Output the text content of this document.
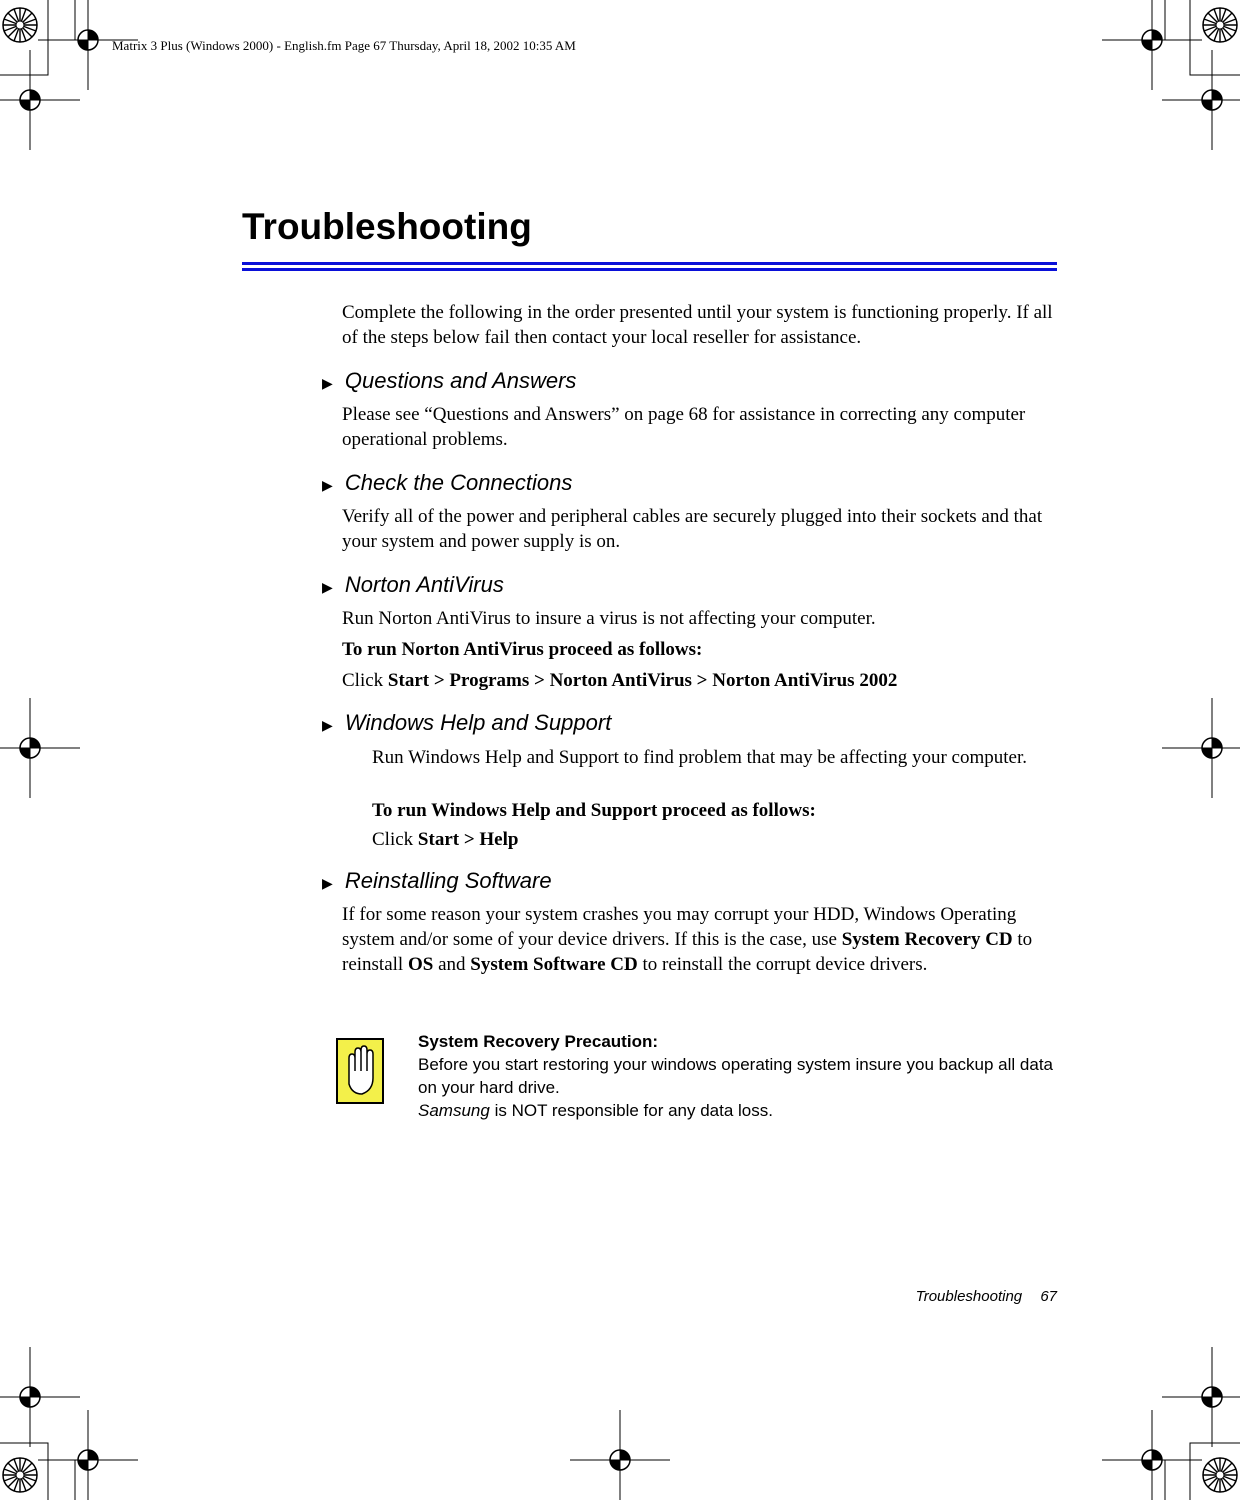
Matrix 3 Plus (Windows 2000) - English.fm Page 67 Thursday, April 18, 2002 10:35 AM
Troubleshooting
Complete the following in the order presented until your system is functioning properly. If all of the steps below fail then contact your local reseller for assistance.
▶ Questions and Answers
Please see “Questions and Answers” on page 68 for assistance in correcting any computer operational problems.
▶ Check the Connections
Verify all of the power and peripheral cables are securely plugged into their sockets and that your system and power supply is on.
▶ Norton AntiVirus
Run Norton AntiVirus to insure a virus is not affecting your computer.
To run Norton AntiVirus proceed as follows:
Click Start > Programs > Norton AntiVirus > Norton AntiVirus 2002
▶ Windows Help and Support
Run Windows Help and Support to find problem that may be affecting your computer.
To run Windows Help and Support proceed as follows:
Click Start > Help
▶ Reinstalling Software
If for some reason your system crashes you may corrupt your HDD, Windows Operating system and/or some of your device drivers. If this is the case, use System Recovery CD to reinstall OS and System Software CD to reinstall the corrupt device drivers.
System Recovery Precaution:
Before you start restoring your windows operating system insure you backup all data on your hard drive.
Samsung is NOT responsible for any data loss.
Troubleshooting 67
